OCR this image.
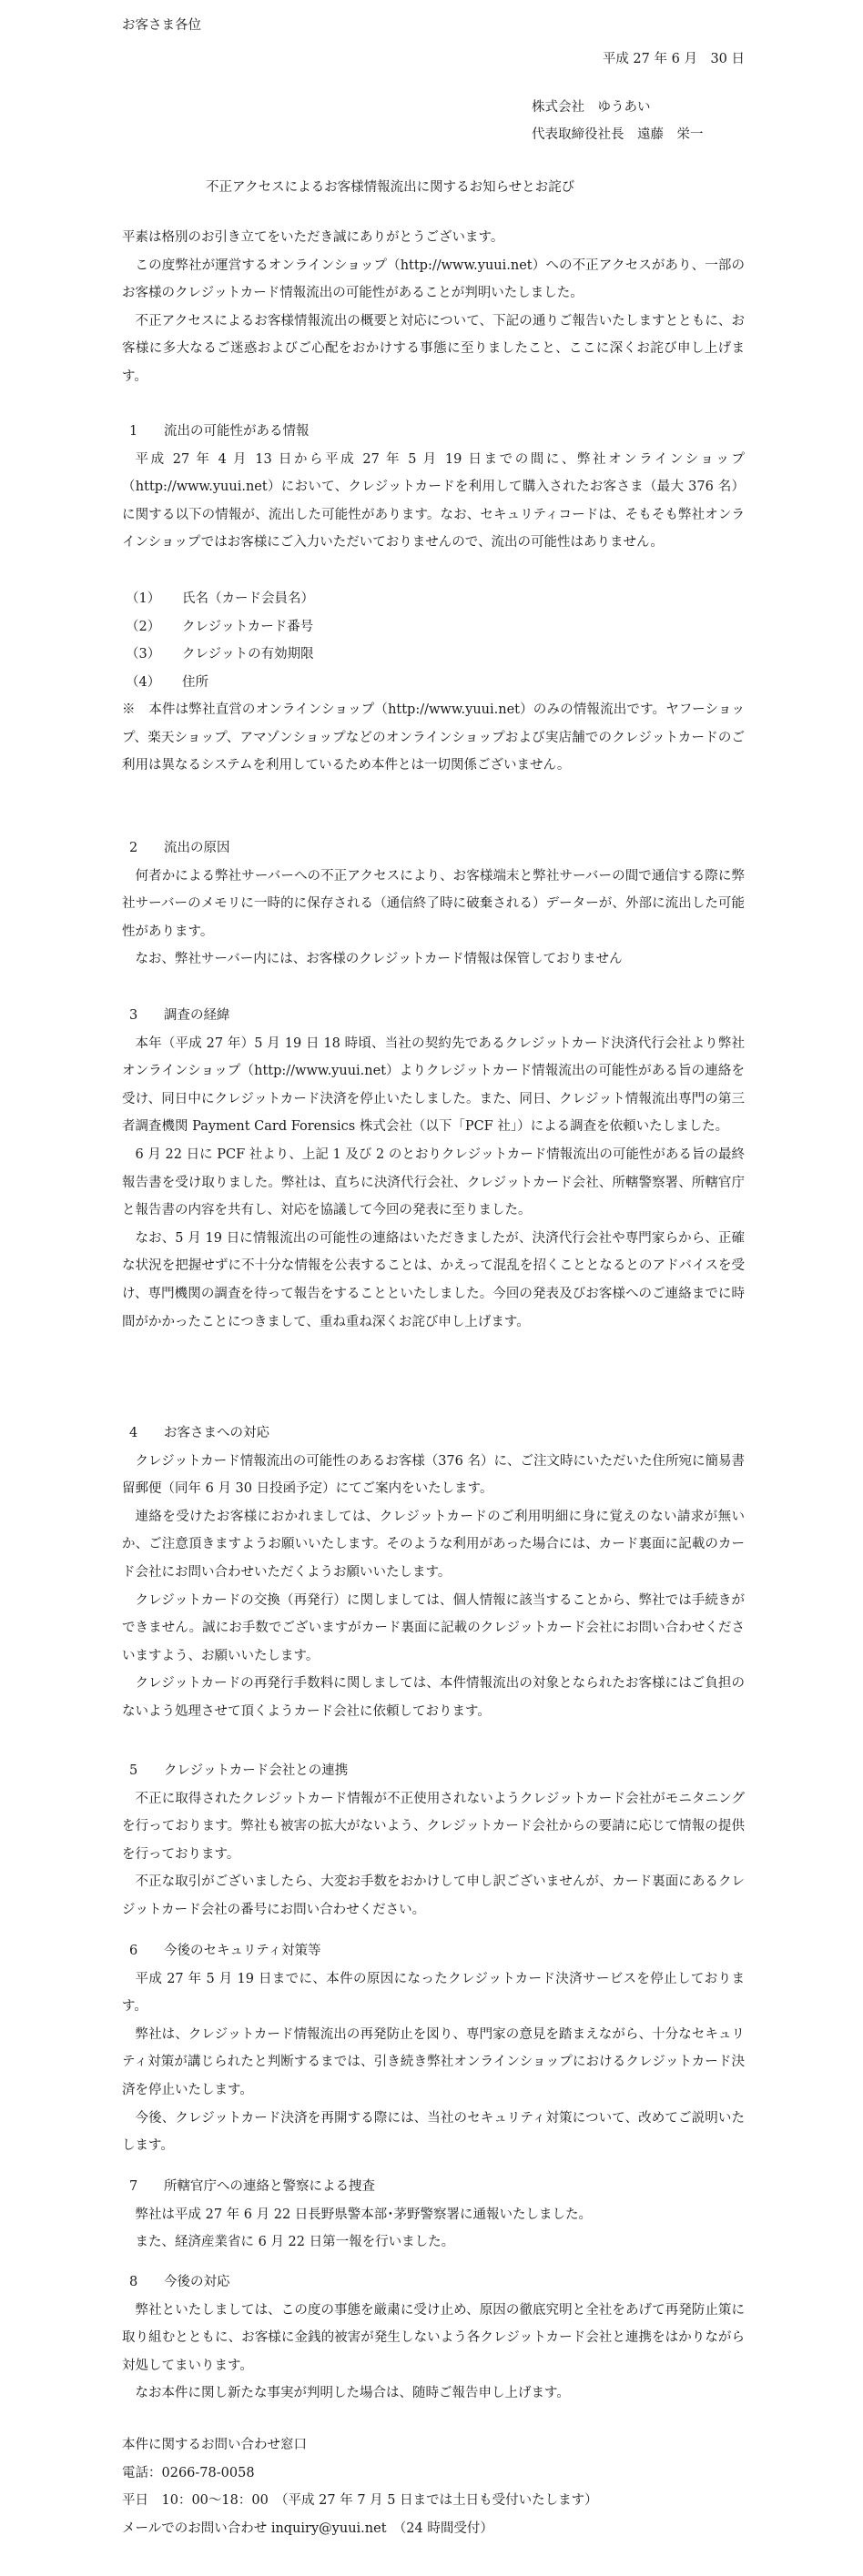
お客さま各位
平成 27 年 6 月　30 日
株式会社　ゆうあい
代表取締役社長　遠藤　栄一
不正アクセスによるお客様情報流出に関するお知らせとお詫び

平素は格別のお引き立てをいただき誠にありがとうございます。

この度弊社が運営するオンラインショップ（http://www.yuui.net）への不正アクセスがあり、一部のお客様のクレジットカード情報流出の可能性があることが判明いたしました。

不正アクセスによるお客様情報流出の概要と対応について、下記の通りご報告いたしますとともに、お客様に多大なるご迷惑およびご心配をおかけする事態に至りましたこと、ここに深くお詫び申し上げます。

1 流出の可能性がある情報

平成 27 年 4 月 13 日から平成 27 年 5 月 19 日までの間に、弊社オンラインショップ（http://www.yuui.net）において、クレジットカードを利用して購入されたお客さま（最大 376 名）に関する以下の情報が、流出した可能性があります。なお、セキュリティコードは、そもそも弊社オンラインショップではお客様にご入力いただいておりませんので、流出の可能性はありません。

（1） 氏名（カード会員名）
（2） クレジットカード番号
（3） クレジットの有効期限
（4） 住所

※　本件は弊社直営のオンラインショップ（http://www.yuui.net）のみの情報流出です。ヤフーショップ、楽天ショップ、アマゾンショップなどのオンラインショップおよび実店舗でのクレジットカードのご利用は異なるシステムを利用しているため本件とは一切関係ございません。

2 流出の原因

何者かによる弊社サーバーへの不正アクセスにより、お客様端末と弊社サーバーの間で通信する際に弊社サーバーのメモリに一時的に保存される（通信終了時に破棄される）データーが、外部に流出した可能性があります。

なお、弊社サーバー内には、お客様のクレジットカード情報は保管しておりません

3 調査の経緯

本年（平成 27 年）5 月 19 日 18 時頃、当社の契約先であるクレジットカード決済代行会社より弊社オンラインショップ（http://www.yuui.net）よりクレジットカード情報流出の可能性がある旨の連絡を受け、同日中にクレジットカード決済を停止いたしました。また、同日、クレジット情報流出専門の第三者調査機関 Payment Card Forensics 株式会社（以下「PCF 社」）による調査を依頼いたしました。

6 月 22 日に PCF 社より、上記 1 及び 2 のとおりクレジットカード情報流出の可能性がある旨の最終報告書を受け取りました。弊社は、直ちに決済代行会社、クレジットカード会社、所轄警察署、所轄官庁と報告書の内容を共有し、対応を協議して今回の発表に至りました。

なお、5 月 19 日に情報流出の可能性の連絡はいただきましたが、決済代行会社や専門家らから、正確な状況を把握せずに不十分な情報を公表することは、かえって混乱を招くこととなるとのアドバイスを受け、専門機関の調査を待って報告をすることといたしました。今回の発表及びお客様へのご連絡までに時間がかかったことにつきまして、重ね重ね深くお詫び申し上げます。

4 お客さまへの対応

クレジットカード情報流出の可能性のあるお客様（376 名）に、ご注文時にいただいた住所宛に簡易書留郵便（同年 6 月 30 日投函予定）にてご案内をいたします。

連絡を受けたお客様におかれましては、クレジットカードのご利用明細に身に覚えのない請求が無いか、ご注意頂きますようお願いいたします。そのような利用があった場合には、カード裏面に記載のカード会社にお問い合わせいただくようお願いいたします。

クレジットカードの交換（再発行）に関しましては、個人情報に該当することから、弊社では手続きができません。誠にお手数でございますがカード裏面に記載のクレジットカード会社にお問い合わせくださいますよう、お願いいたします。

クレジットカードの再発行手数料に関しましては、本件情報流出の対象となられたお客様にはご負担のないよう処理させて頂くようカード会社に依頼しております。

5 クレジットカード会社との連携

不正に取得されたクレジットカード情報が不正使用されないようクレジットカード会社がモニタニングを行っております。弊社も被害の拡大がないよう、クレジットカード会社からの要請に応じて情報の提供を行っております。

不正な取引がございましたら、大変お手数をおかけして申し訳ございませんが、カード裏面にあるクレジットカード会社の番号にお問い合わせください。

6 今後のセキュリティ対策等

平成 27 年 5 月 19 日までに、本件の原因になったクレジットカード決済サービスを停止しております。

弊社は、クレジットカード情報流出の再発防止を図り、専門家の意見を踏まえながら、十分なセキュリティ対策が講じられたと判断するまでは、引き続き弊社オンラインショップにおけるクレジットカード決済を停止いたします。

今後、クレジットカード決済を再開する際には、当社のセキュリティ対策について、改めてご説明いたします。

7 所轄官庁への連絡と警察による捜査

弊社は平成 27 年 6 月 22 日長野県警本部･茅野警察署に通報いたしました。

また、経済産業省に 6 月 22 日第一報を行いました。

8 今後の対応

弊社といたしましては、この度の事態を厳粛に受け止め、原因の徹底究明と全社をあげて再発防止策に取り組むとともに、お客様に金銭的被害が発生しないよう各クレジットカード会社と連携をはかりながら対処してまいります。

なお本件に関し新たな事実が判明した場合は、随時ご報告申し上げます。

本件に関するお問い合わせ窓口
電話：0266-78-0058
平日　10：00～18：00　（平成 27 年 7 月 5 日までは土日も受付いたします）
メールでのお問い合わせ inquiry@yuui.net　（24 時間受付）
